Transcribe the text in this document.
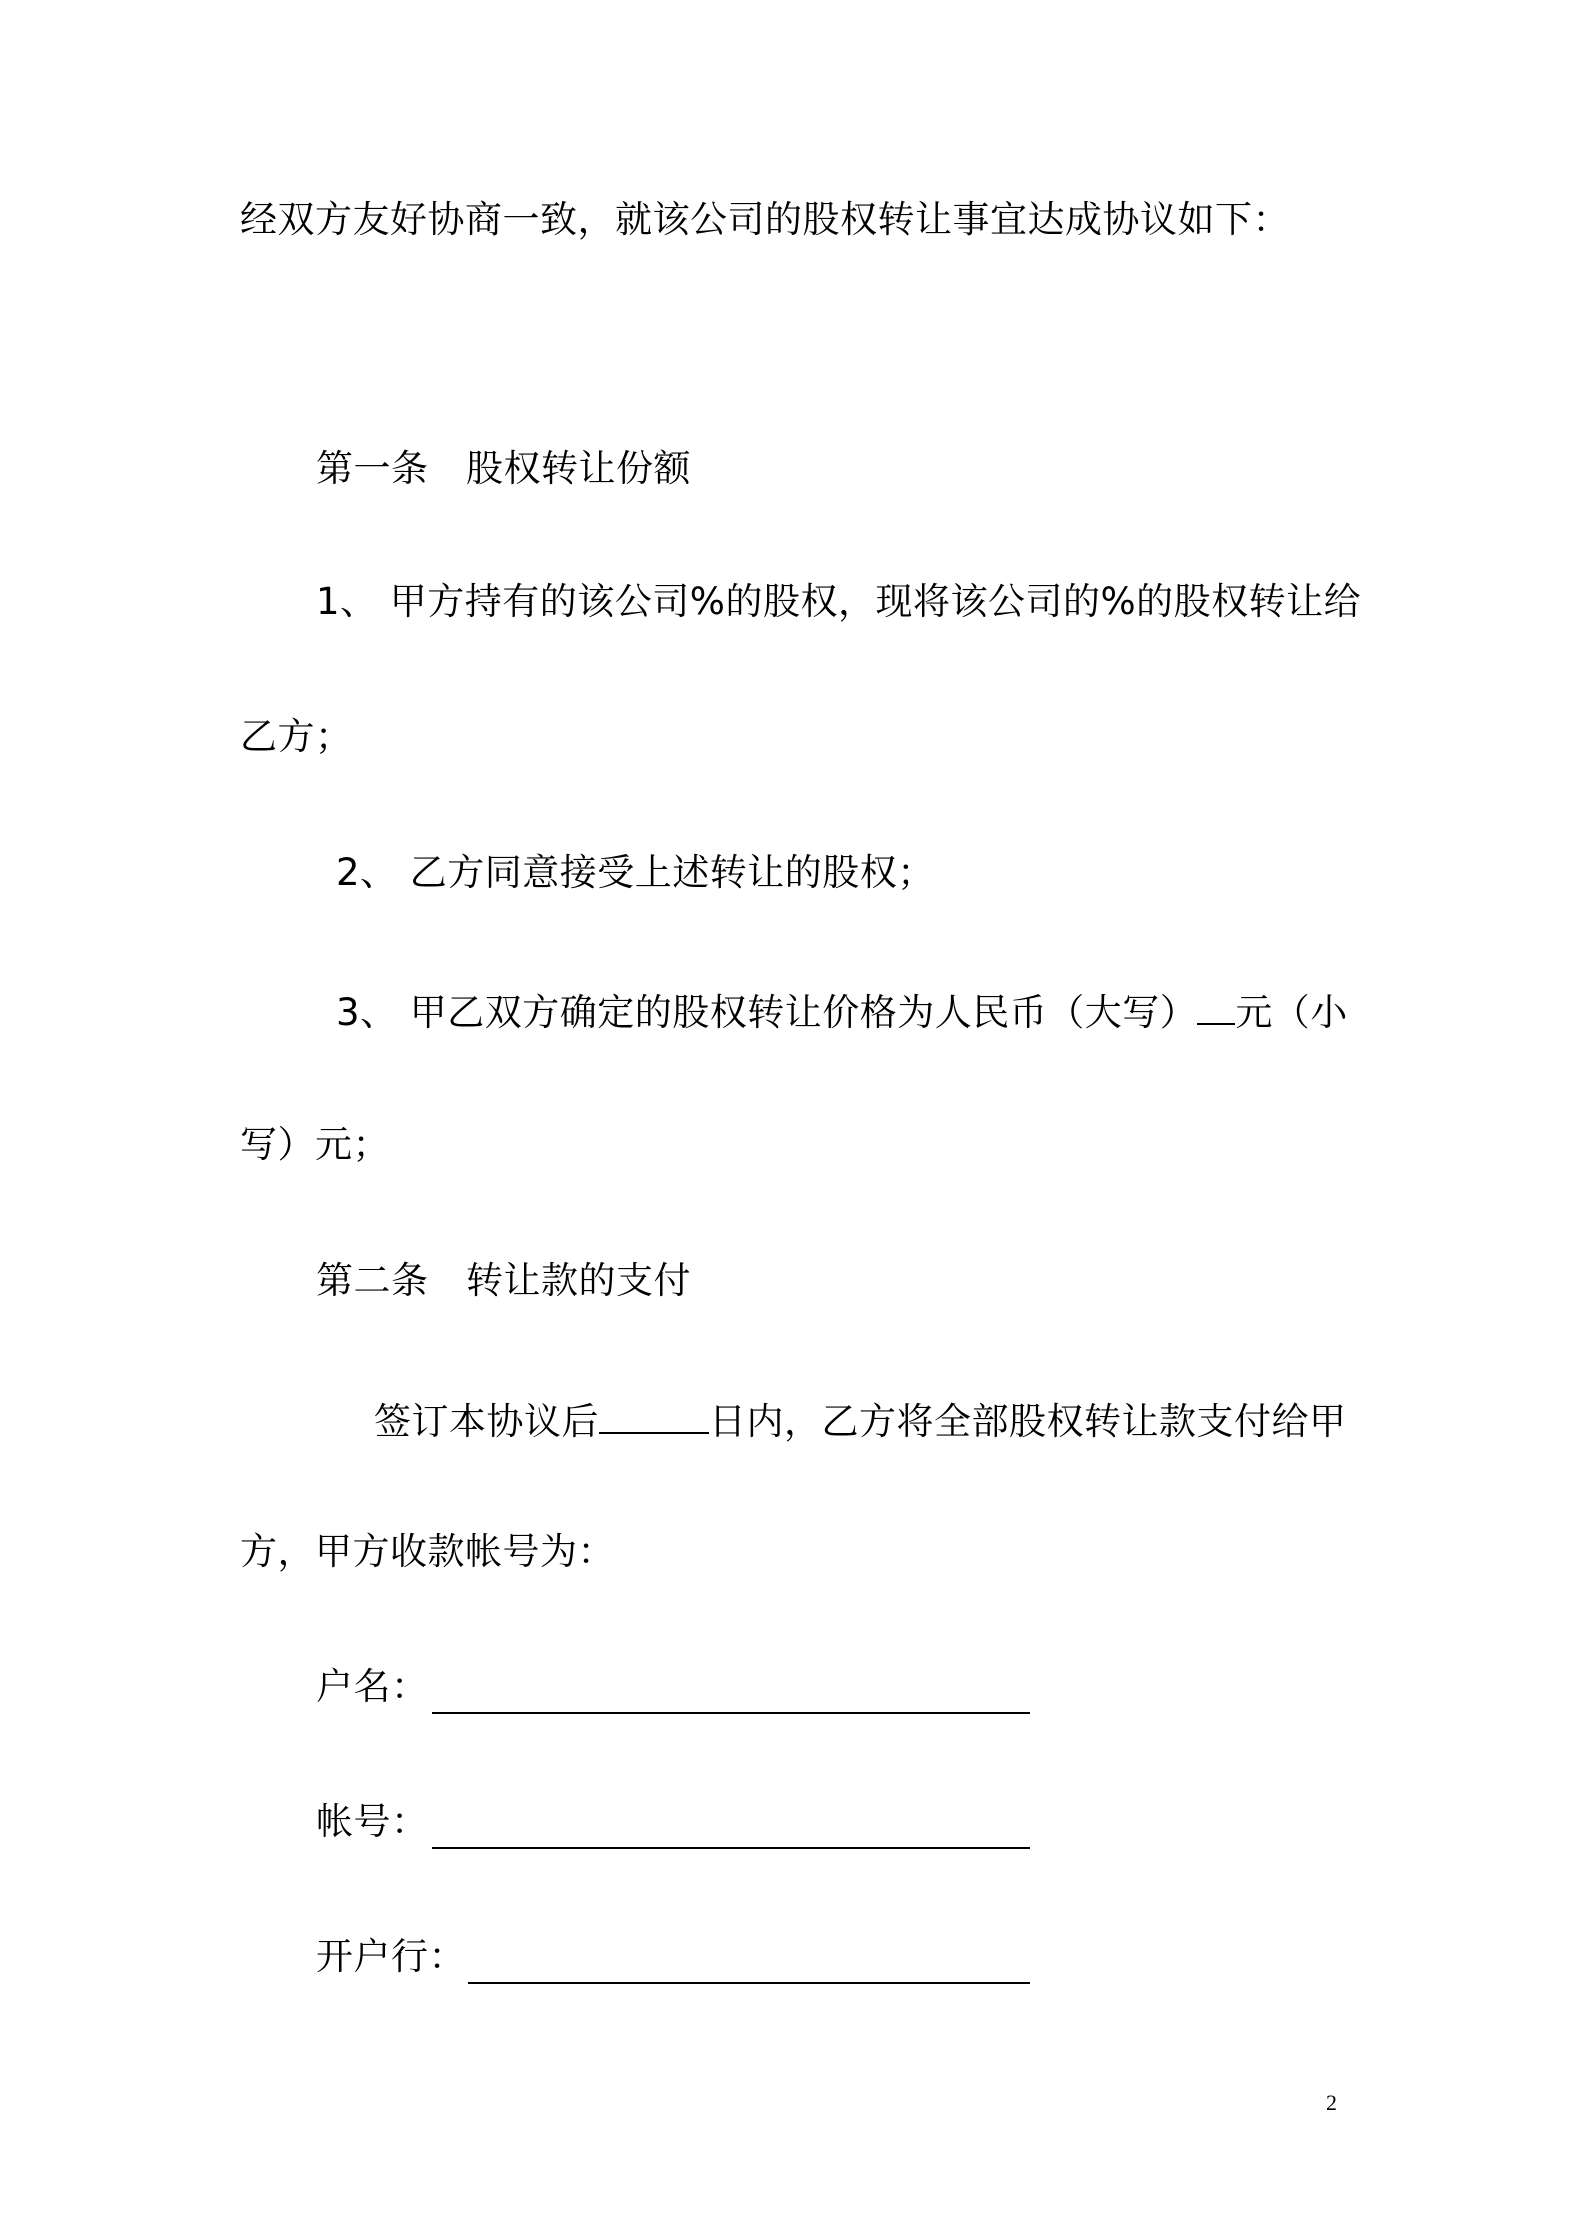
经双方友好协商一致，就该公司的股权转让事宜达成协议如下：
第一条　股权转让份额
1、 甲方持有的该公司%的股权，现将该公司的%的股权转让给
乙方；
2、 乙方同意接受上述转让的股权；
3、 甲乙双方确定的股权转让价格为人民币（大写） 元（小
写）元；
第二条　转让款的支付
签订本协议后	日内，乙方将全部股权转让款支付给甲
方，甲方收款帐号为：
户名：
帐号：
开户行：
2
